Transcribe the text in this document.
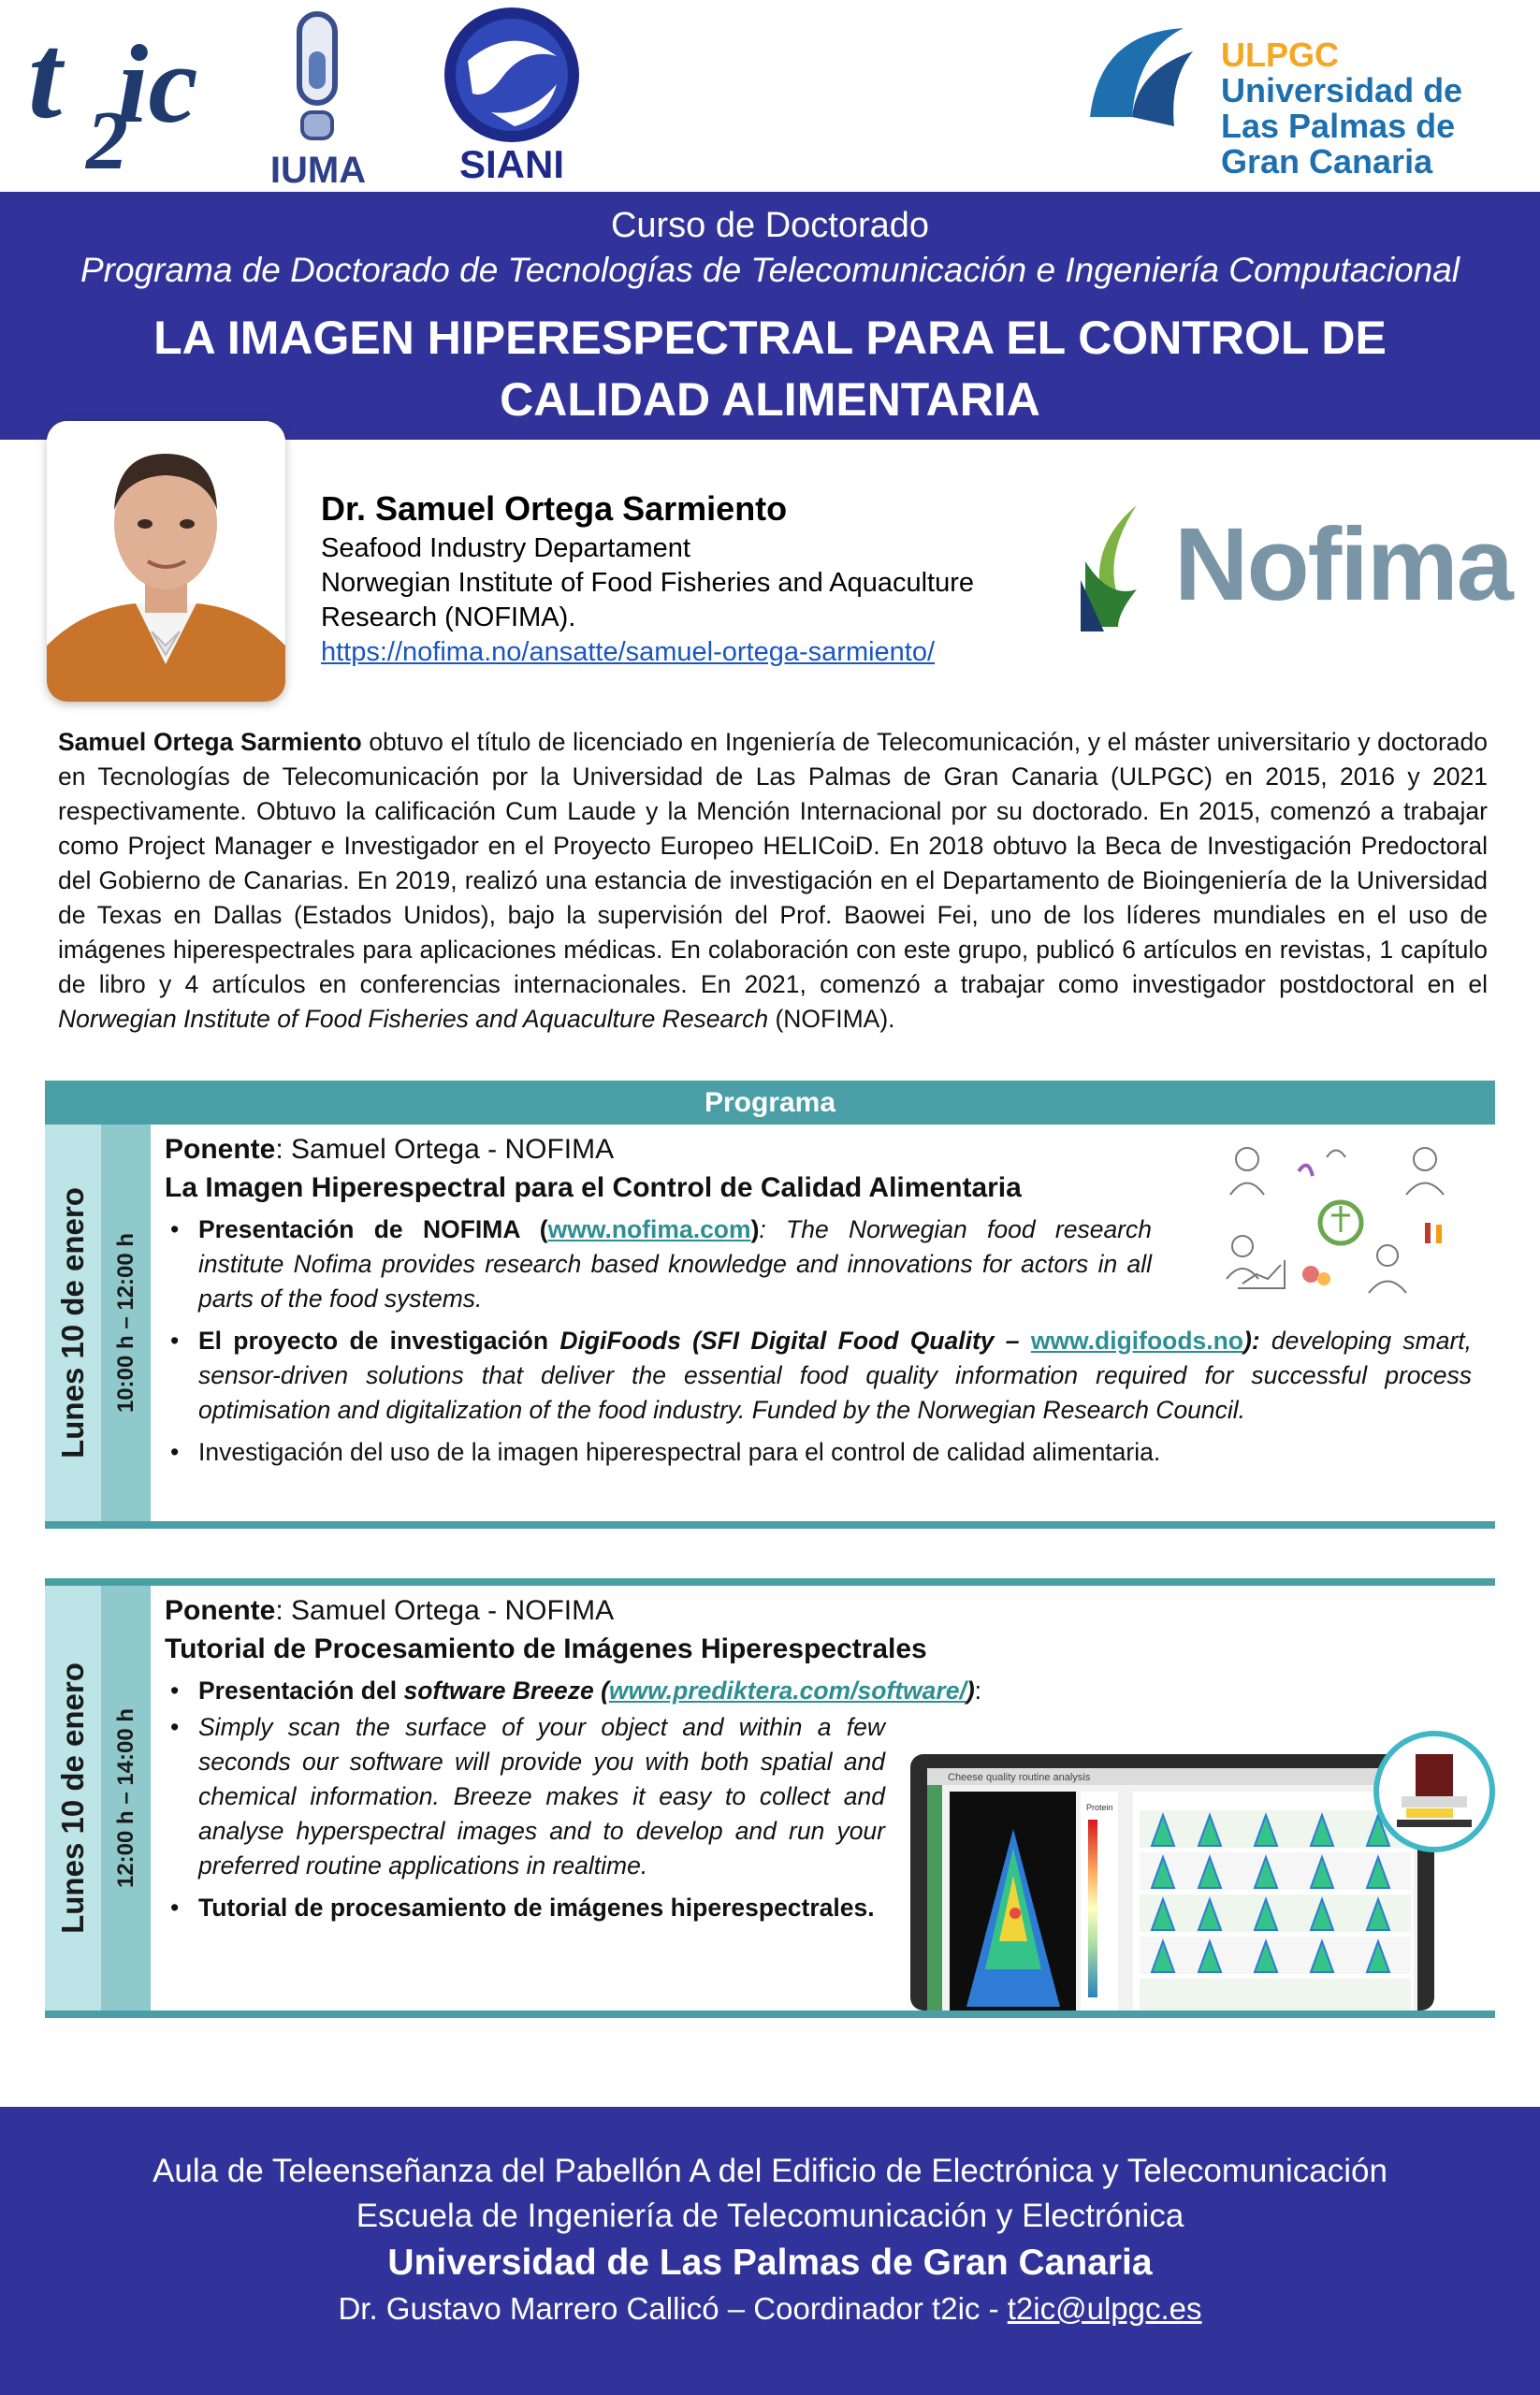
t 2
ic
IUMA SIANI
ULPGC
Universidad de
Las Palmas de
Gran Canaria
Curso de Doctorado
Programa de Doctorado de Tecnologías de Telecomunicación e Ingeniería Computacional
LA IMAGEN HIPERESPECTRAL PARA EL CONTROL DE
CALIDAD ALIMENTARIA
Dr. Samuel Ortega Sarmiento
Seafood Industry Departament
Norwegian Institute of Food Fisheries and Aquaculture
Research (NOFIMA).
https://nofima.no/ansatte/samuel-ortega-sarmiento/
Nofima
Samuel Ortega Sarmiento obtuvo el título de licenciado en Ingeniería de Telecomunicación, y el máster universitario y doctorado en Tecnologías de Telecomunicación por la Universidad de Las Palmas de Gran Canaria (ULPGC) en 2015, 2016 y 2021 respectivamente. Obtuvo la calificación Cum Laude y la Mención Internacional por su doctorado. En 2015, comenzó a trabajar como Project Manager e Investigador en el Proyecto Europeo HELICoiD. En 2018 obtuvo la Beca de Investigación Predoctoral del Gobierno de Canarias. En 2019, realizó una estancia de investigación en el Departamento de Bioingeniería de la Universidad de Texas en Dallas (Estados Unidos), bajo la supervisión del Prof. Baowei Fei, uno de los líderes mundiales en el uso de imágenes hiperespectrales para aplicaciones médicas. En colaboración con este grupo, publicó 6 artículos en revistas, 1 capítulo de libro y 4 artículos en conferencias internacionales. En 2021, comenzó a trabajar como investigador postdoctoral en el Norwegian Institute of Food Fisheries and Aquaculture Research (NOFIMA).
Programa
Lunes 10 de enero 10:00 h – 12:00 h
Ponente: Samuel Ortega - NOFIMA
La Imagen Hiperespectral para el Control de Calidad Alimentaria
• Presentación de NOFIMA (www.nofima.com): The Norwegian food research institute Nofima provides research based knowledge and innovations for actors in all parts of the food systems.
• El proyecto de investigación DigiFoods (SFI Digital Food Quality – www.digifoods.no): developing smart, sensor-driven solutions that deliver the essential food quality information required for successful process optimisation and digitalization of the food industry. Funded by the Norwegian Research Council.
• Investigación del uso de la imagen hiperespectral para el control de calidad alimentaria.
Lunes 10 de enero 12:00 h – 14:00 h
Ponente: Samuel Ortega - NOFIMA
Tutorial de Procesamiento de Imágenes Hiperespectrales
• Presentación del software Breeze (www.prediktera.com/software/):
• Simply scan the surface of your object and within a few seconds our software will provide you with both spatial and chemical information. Breeze makes it easy to collect and analyse hyperspectral images and to develop and run your preferred routine applications in realtime.
• Tutorial de procesamiento de imágenes hiperespectrales.
Cheese quality routine analysis
Protein
Aula de Teleenseñanza del Pabellón A del Edificio de Electrónica y Telecomunicación
Escuela de Ingeniería de Telecomunicación y Electrónica
Universidad de Las Palmas de Gran Canaria
Dr. Gustavo Marrero Callicó – Coordinador t2ic - t2ic@ulpgc.es
